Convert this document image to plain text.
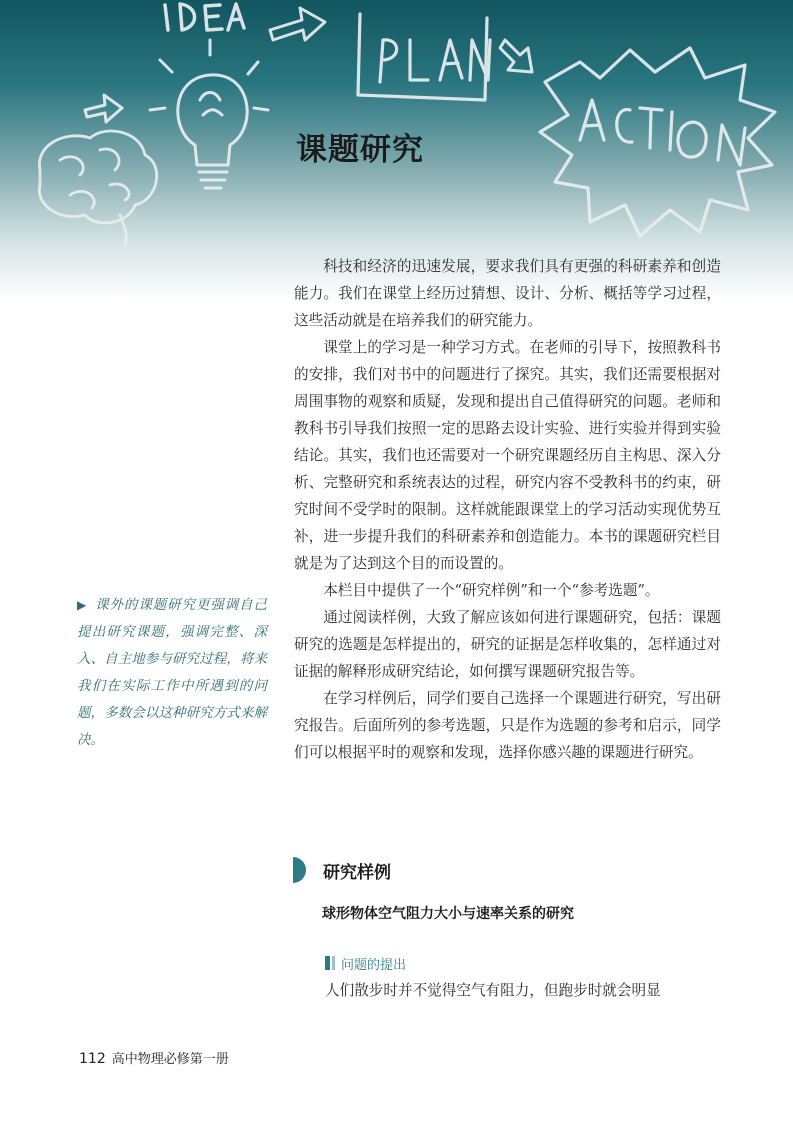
课题研究

科技和经济的迅速发展，要求我们具有更强的科研素养和创造能力。我们在课堂上经历过猜想、设计、分析、概括等学习过程，这些活动就是在培养我们的研究能力。

课堂上的学习是一种学习方式。在老师的引导下，按照教科书的安排，我们对书中的问题进行了探究。其实，我们还需要根据对周围事物的观察和质疑，发现和提出自己值得研究的问题。老师和教科书引导我们按照一定的思路去设计实验、进行实验并得到实验结论。其实，我们也还需要对一个研究课题经历自主构思、深入分析、完整研究和系统表达的过程，研究内容不受教科书的约束，研究时间不受学时的限制。这样就能跟课堂上的学习活动实现优势互补，进一步提升我们的科研素养和创造能力。本书的课题研究栏目就是为了达到这个目的而设置的。

本栏目中提供了一个“研究样例”和一个“参考选题”。

通过阅读样例，大致了解应该如何进行课题研究，包括：课题研究的选题是怎样提出的，研究的证据是怎样收集的，怎样通过对证据的解释形成研究结论，如何撰写课题研究报告等。

在学习样例后，同学们要自己选择一个课题进行研究，写出研究报告。后面所列的参考选题，只是作为选题的参考和启示，同学们可以根据平时的观察和发现，选择你感兴趣的课题进行研究。

▶ 课外的课题研究更强调自己提出研究课题，强调完整、深入、自主地参与研究过程，将来我们在实际工作中所遇到的问题，多数会以这种研究方式来解决。
研究样例
球形物体空气阻力大小与速率关系的研究
问题的提出
人们散步时并不觉得空气有阻力，但跑步时就会明显
112 高中物理必修第一册
